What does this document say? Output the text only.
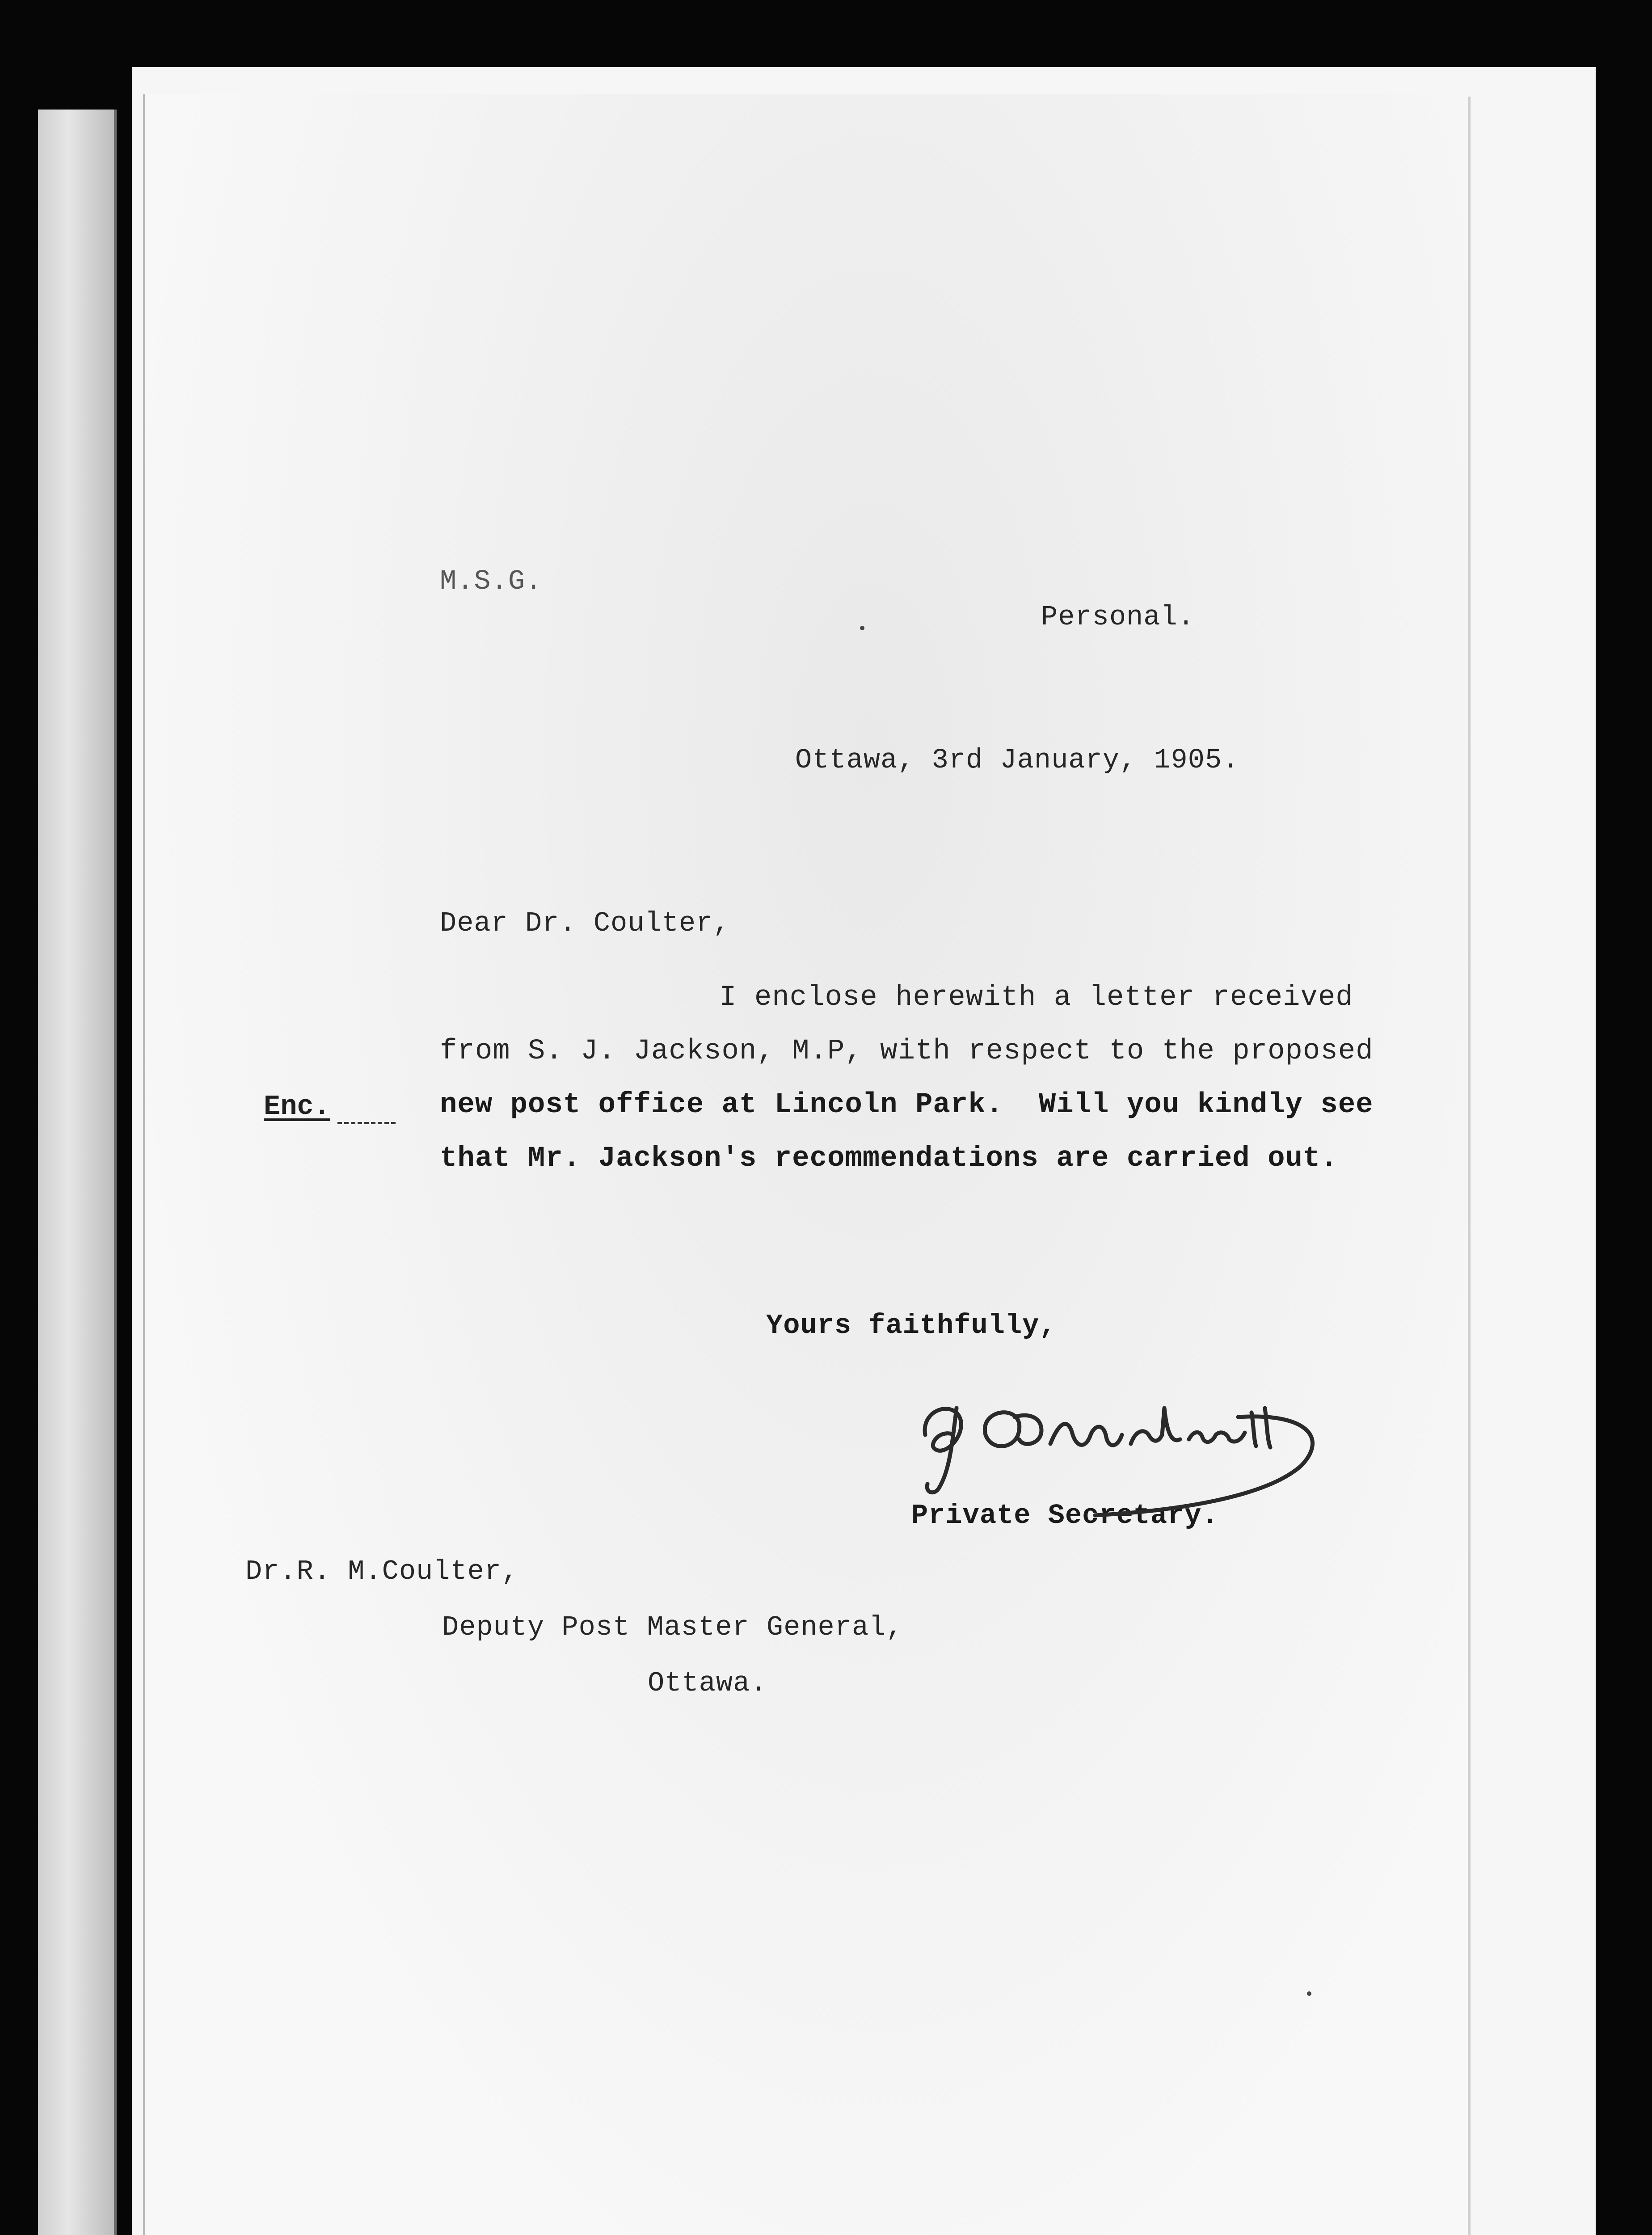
M.S.G.
Personal.
Ottawa, 3rd January, 1905.
Dear Dr. Coulter,
I enclose herewith a letter received
from S. J. Jackson, M.P, with respect to the proposed
new post office at Lincoln Park.  Will you kindly see
that Mr. Jackson's recommendations are carried out.
Yours faithfully,
Private Secretary.
Dr.R. M.Coulter,
Deputy Post Master General,
Ottawa.
Enc.
J. P. Bruchési
